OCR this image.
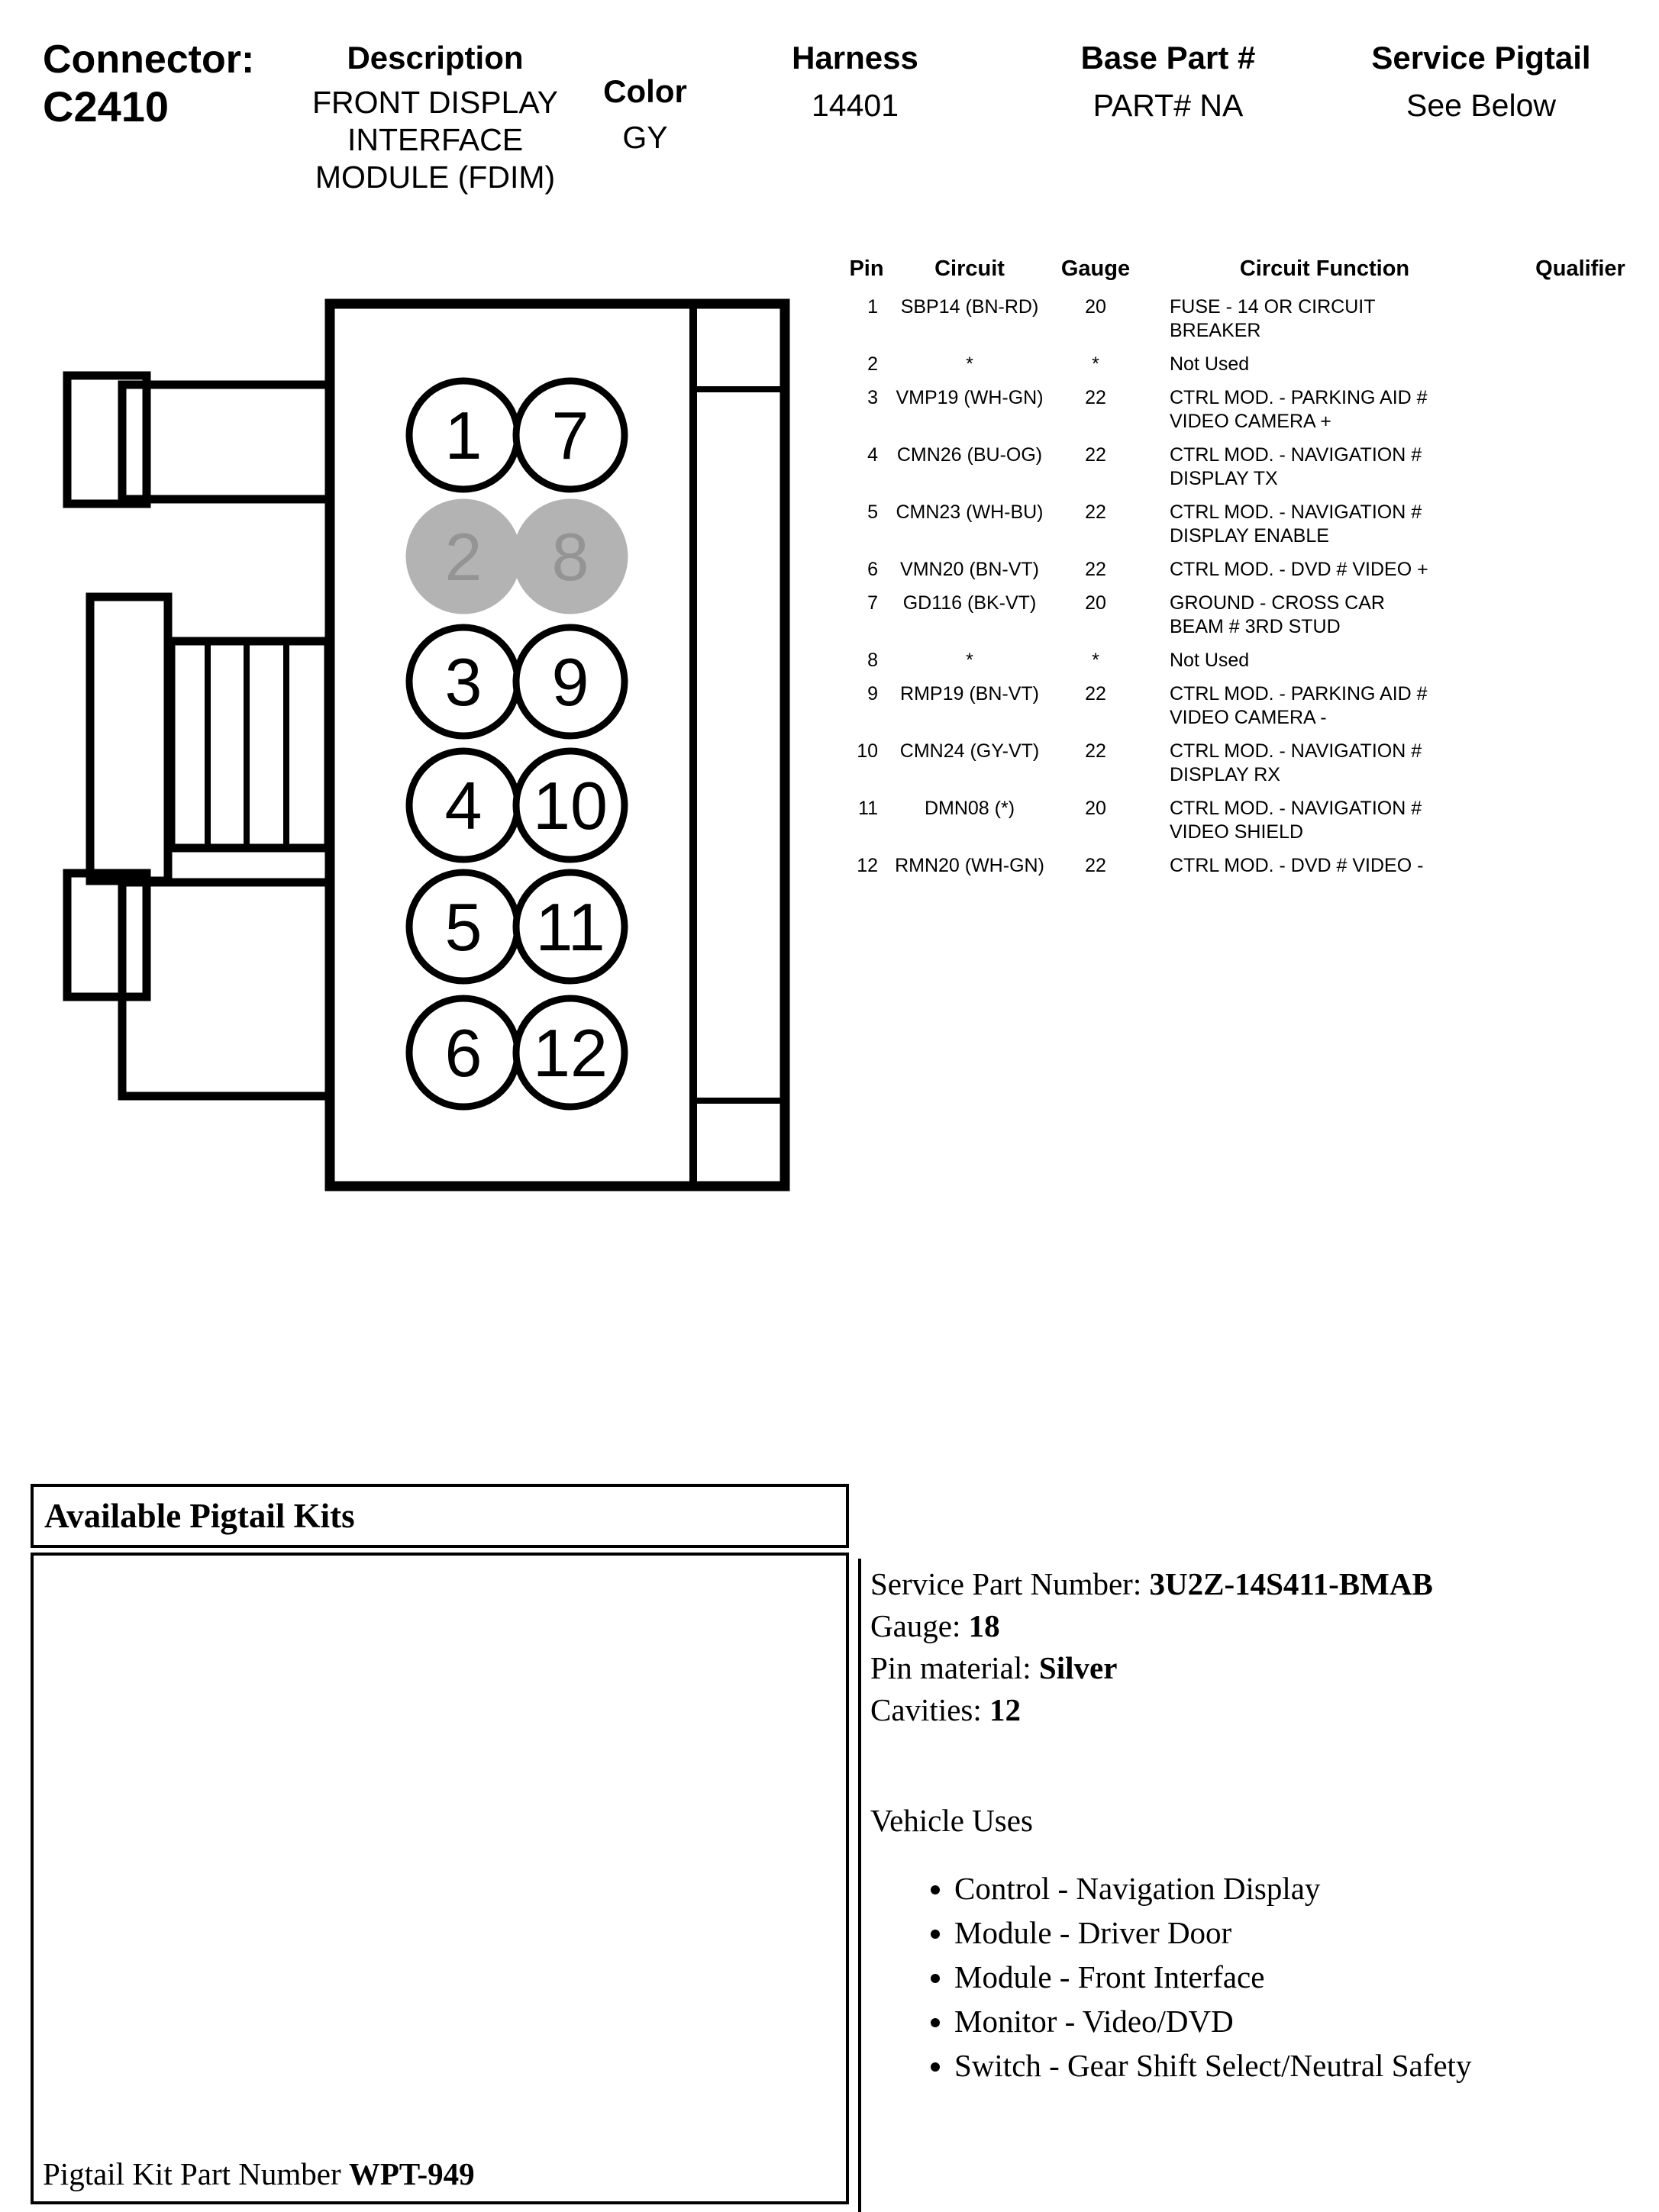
Connector:
C2410
Description
FRONT DISPLAY INTERFACE MODULE (FDIM)
Color
GY
Harness
14401
Base Part #
PART# NA
Service Pigtail
See Below
1
2
3
4
5
6
7
8
9
10
11
12
Pin	Circuit	Gauge	Circuit Function	Qualifier
1	SBP14 (BN-RD)	20	FUSE - 14 OR CIRCUIT BREAKER
2	*	*	Not Used
3 VMP19 (WH-GN)	22	CTRL MOD. - PARKING AID # VIDEO CAMERA +
4 CMN26 (BU-OG)	22	CTRL MOD. - NAVIGATION # DISPLAY TX
5 CMN23 (WH-BU)	22	CTRL MOD. - NAVIGATION # DISPLAY ENABLE
6	VMN20 (BN-VT)	22	CTRL MOD. - DVD # VIDEO +
7	GD116 (BK-VT)	20	GROUND - CROSS CAR BEAM # 3RD STUD
8	*	*	Not Used
9	RMP19 (BN-VT)	22	CTRL MOD. - PARKING AID # VIDEO CAMERA -
10	CMN24 (GY-VT)	22	CTRL MOD. - NAVIGATION # DISPLAY RX
11	DMN08 (*)	20	CTRL MOD. - NAVIGATION # VIDEO SHIELD
12 RMN20 (WH-GN)	22	CTRL MOD. - DVD # VIDEO -
Available Pigtail Kits
Service Part Number: 3U2Z-14S411-BMAB
Gauge: 18
Pin material: Silver
Cavities: 12
Vehicle Uses
• Control - Navigation Display
• Module - Driver Door
• Module - Front Interface
• Monitor - Video/DVD
• Switch - Gear Shift Select/Neutral Safety
Pigtail Kit Part Number WPT-949
